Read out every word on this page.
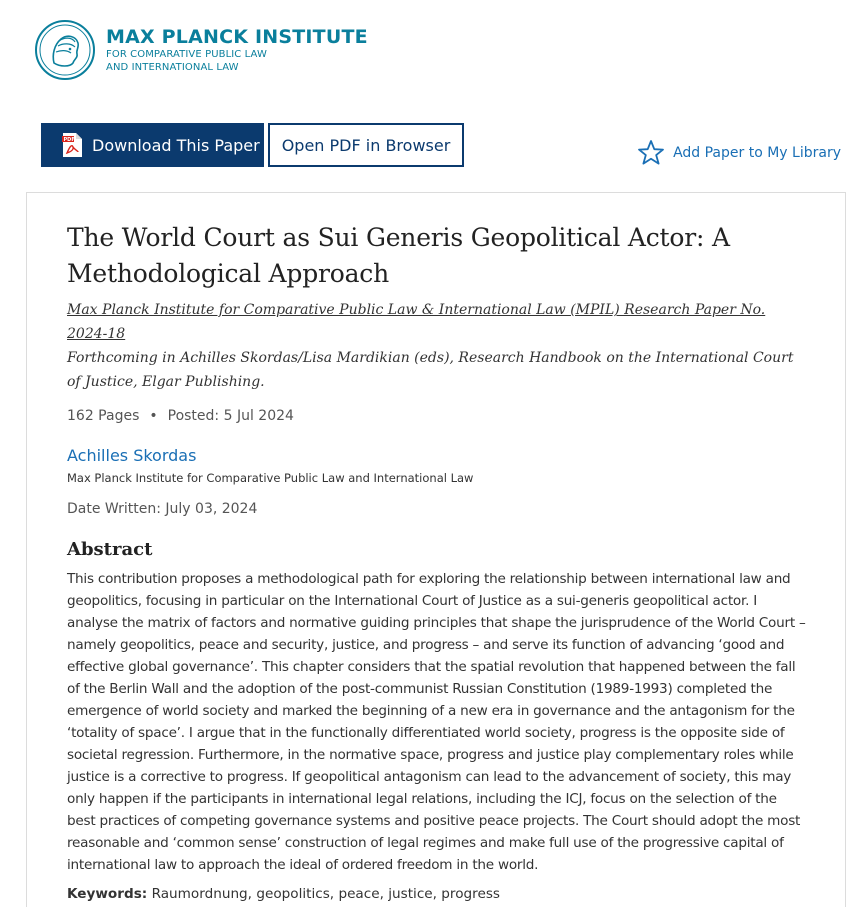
MAX PLANCK INSTITUTE
FOR COMPARATIVE PUBLIC LAW
AND INTERNATIONAL LAW
PDF Download This Paper	Open PDF in Browser	Add Paper to My Library
The World Court as Sui Generis Geopolitical Actor: A Methodological Approach
Max Planck Institute for Comparative Public Law & International Law (MPIL) Research Paper No. 2024-18
Forthcoming in Achilles Skordas/Lisa Mardikian (eds), Research Handbook on the International Court of Justice, Elgar Publishing.
162 Pages • Posted: 5 Jul 2024
Achilles Skordas
Max Planck Institute for Comparative Public Law and International Law
Date Written: July 03, 2024
Abstract

This contribution proposes a methodological path for exploring the relationship between international law and geopolitics, focusing in particular on the International Court of Justice as a sui-generis geopolitical actor. I analyse the matrix of factors and normative guiding principles that shape the jurisprudence of the World Court – namely geopolitics, peace and security, justice, and progress – and serve its function of advancing ‘good and effective global governance’. This chapter considers that the spatial revolution that happened between the fall of the Berlin Wall and the adoption of the post-communist Russian Constitution (1989-1993) completed the emergence of world society and marked the beginning of a new era in governance and the antagonism for the ‘totality of space’. I argue that in the functionally differentiated world society, progress is the opposite side of societal regression. Furthermore, in the normative space, progress and justice play complementary roles while justice is a corrective to progress. If geopolitical antagonism can lead to the advancement of society, this may only happen if the participants in international legal relations, including the ICJ, focus on the selection of the best practices of competing governance systems and positive peace projects. The Court should adopt the most reasonable and ‘common sense’ construction of legal regimes and make full use of the progressive capital of international law to approach the ideal of ordered freedom in the world.

Keywords: Raumordnung, geopolitics, peace, justice, progress
